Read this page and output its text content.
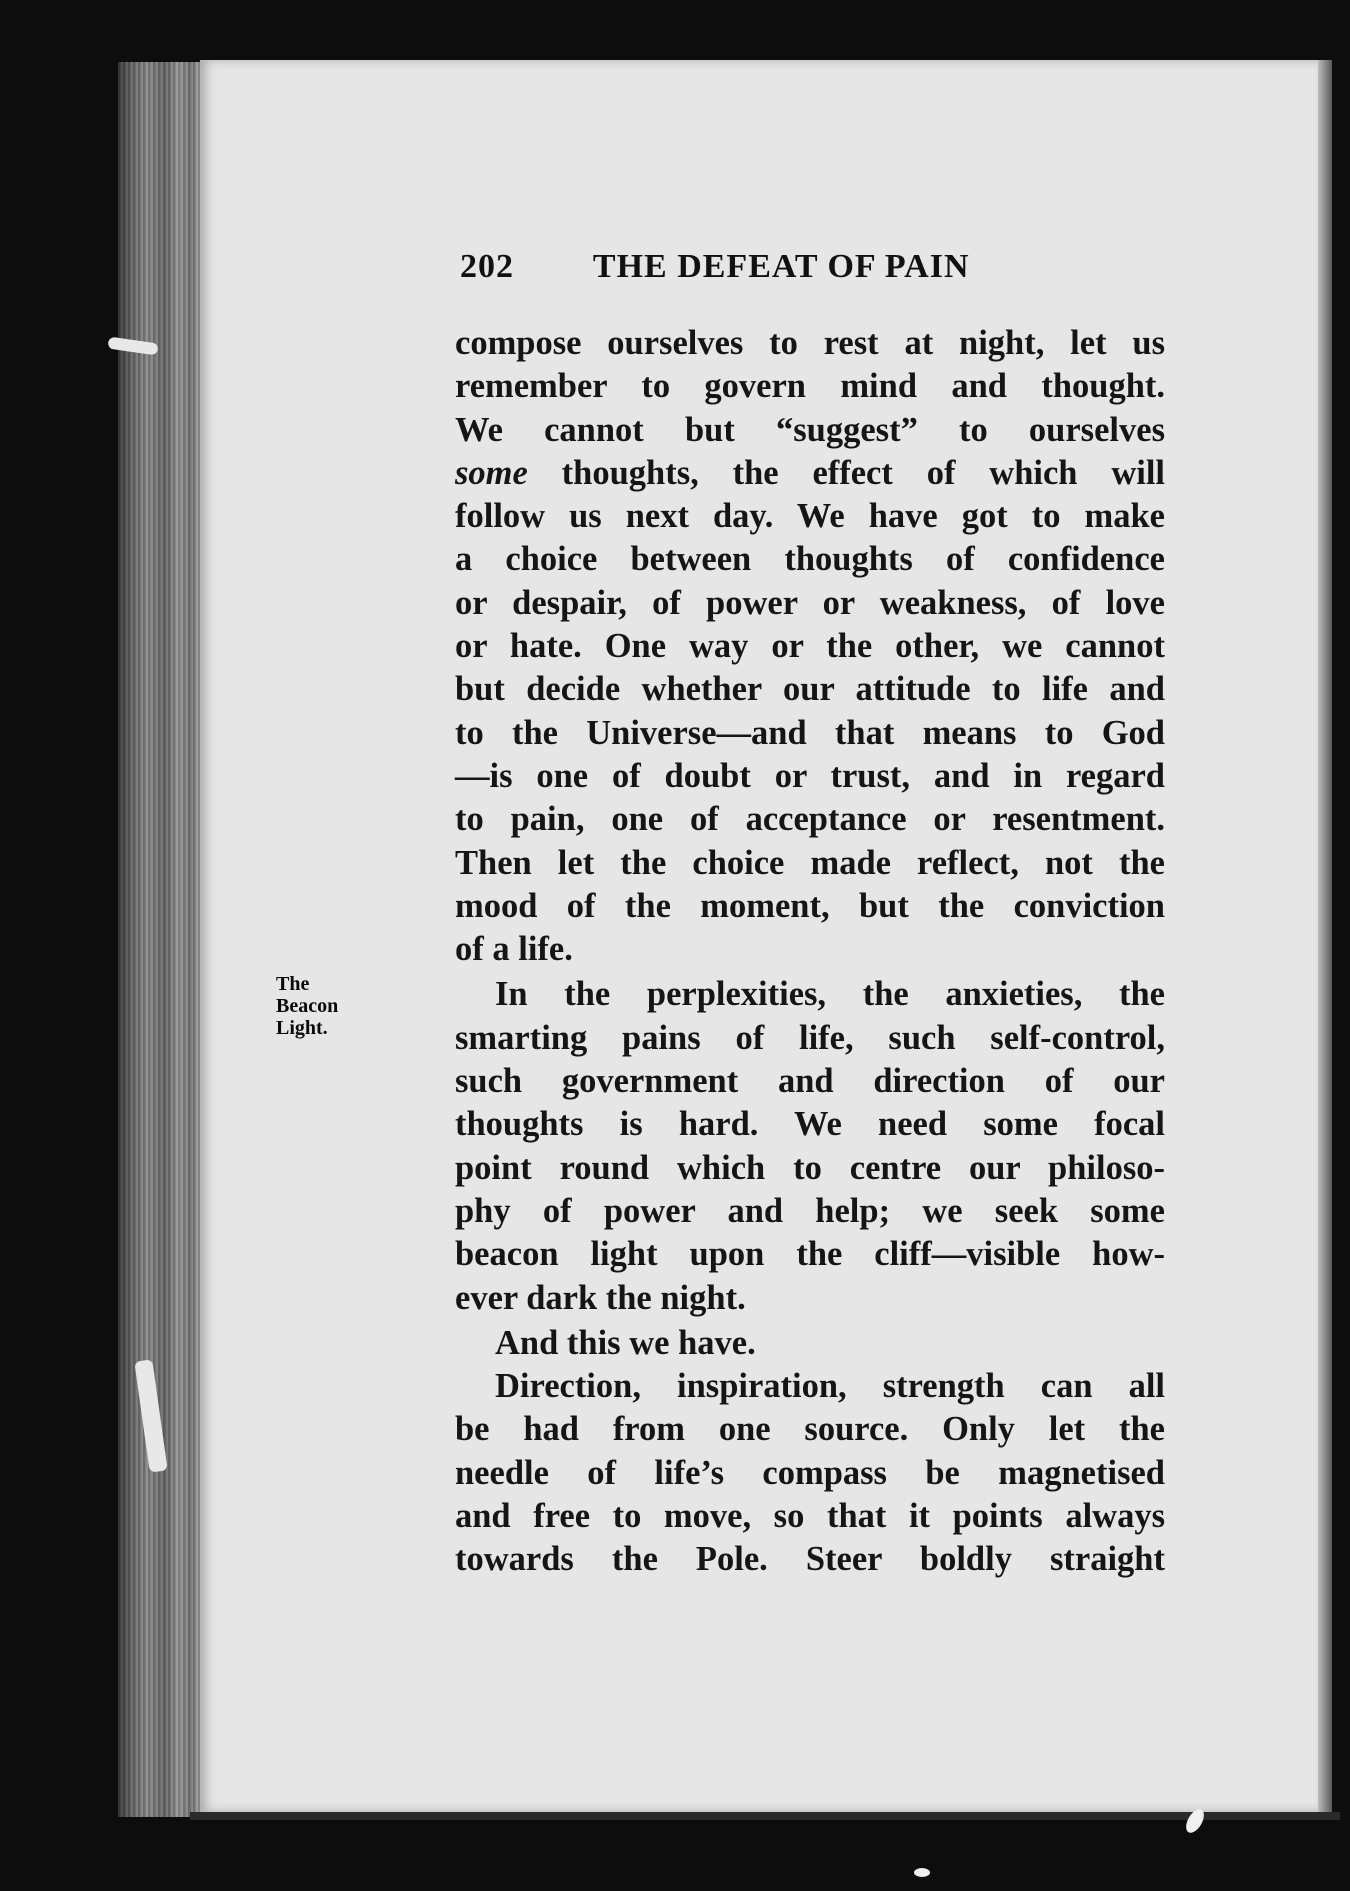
202 THE DEFEAT OF PAIN
The
Beacon
Light.
compose ourselves to rest at night, let us
remember to govern mind and thought.
We cannot but “suggest” to ourselves
some thoughts, the effect of which will
follow us next day. We have got to make
a choice between thoughts of confidence
or despair, of power or weakness, of love
or hate. One way or the other, we cannot
but decide whether our attitude to life and
to the Universe—and that means to God
—is one of doubt or trust, and in regard
to pain, one of acceptance or resentment.
Then let the choice made reflect, not the
mood of the moment, but the conviction
of a life.
In the perplexities, the anxieties, the
smarting pains of life, such self-control,
such government and direction of our
thoughts is hard. We need some focal
point round which to centre our philoso-
phy of power and help; we seek some
beacon light upon the cliff—visible how-
ever dark the night.
And this we have.
Direction, inspiration, strength can all
be had from one source. Only let the
needle of life’s compass be magnetised
and free to move, so that it points always
towards the Pole. Steer boldly straight
